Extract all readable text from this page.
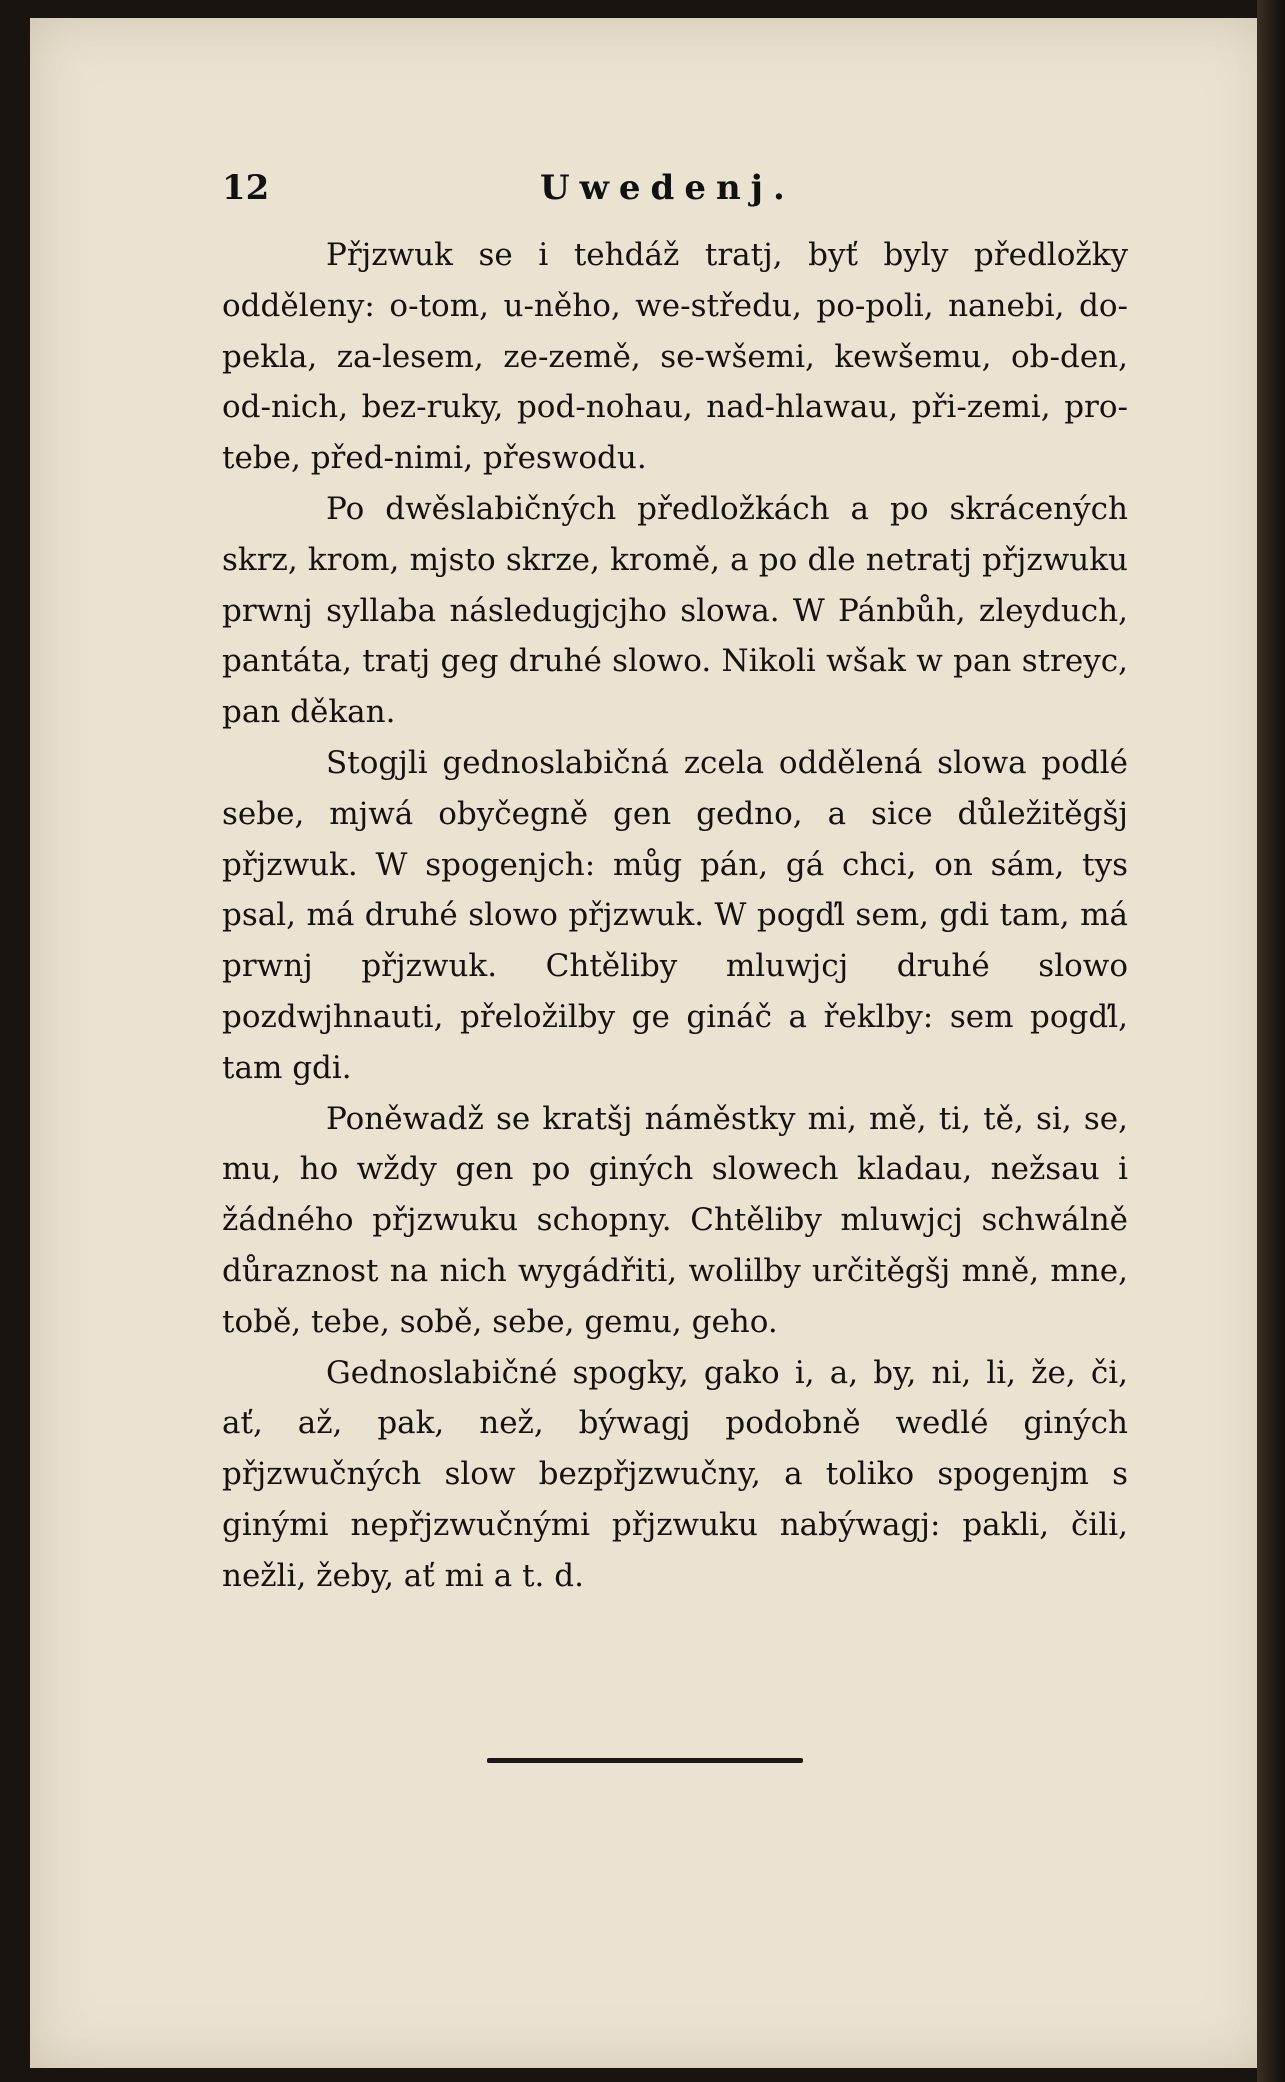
12	Uwedenj.

Přjzwuk se i tehdáž tratj, byť byly předložky odděleny: o-tom, u-něho, we-středu, po-poli, nanebi, do-pekla, za-lesem, ze-země, se-wšemi, kewšemu, ob-den, od-nich, bez-ruky, pod-nohau, nad-hlawau, při-zemi, pro-tebe, před-nimi, přeswodu.

Po dwěslabičných předložkách a po skrácených skrz, krom, mjsto skrze, kromě, a po dle netratj přjzwuku prwnj syllaba následugjcjho slowa. W Pánbůh, zleyduch, pantáta, tratj geg druhé slowo. Nikoli wšak w pan streyc, pan děkan.

Stogjli gednoslabičná zcela oddělená slowa podlé sebe, mjwá obyčegně gen gedno, a sice důležitěgšj přjzwuk. W spogenjch: můg pán, gá chci, on sám, tys psal, má druhé slowo přjzwuk. W pogďl sem, gdi tam, má prwnj přjzwuk. Chtěliby mluwjcj druhé slowo pozdwjhnauti, přeložilby ge gináč a řeklby: sem pogďl, tam gdi.

Poněwadž se kratšj náměstky mi, mě, ti, tě, si, se, mu, ho wždy gen po giných slowech kladau, nežsau i žádného přjzwuku schopny. Chtěliby mluwjcj schwálně důraznost na nich wygádřiti, wolilby určitěgšj mně, mne, tobě, tebe, sobě, sebe, gemu, geho.

Gednoslabičné spogky, gako i, a, by, ni, li, že, či, ať, až, pak, než, býwagj podobně wedlé giných přjzwučných slow bezpřjzwučny, a toliko spogenjm s ginými nepřjzwučnými přjzwuku nabýwagj: pakli, čili, nežli, žeby, ať mi a t. d.
